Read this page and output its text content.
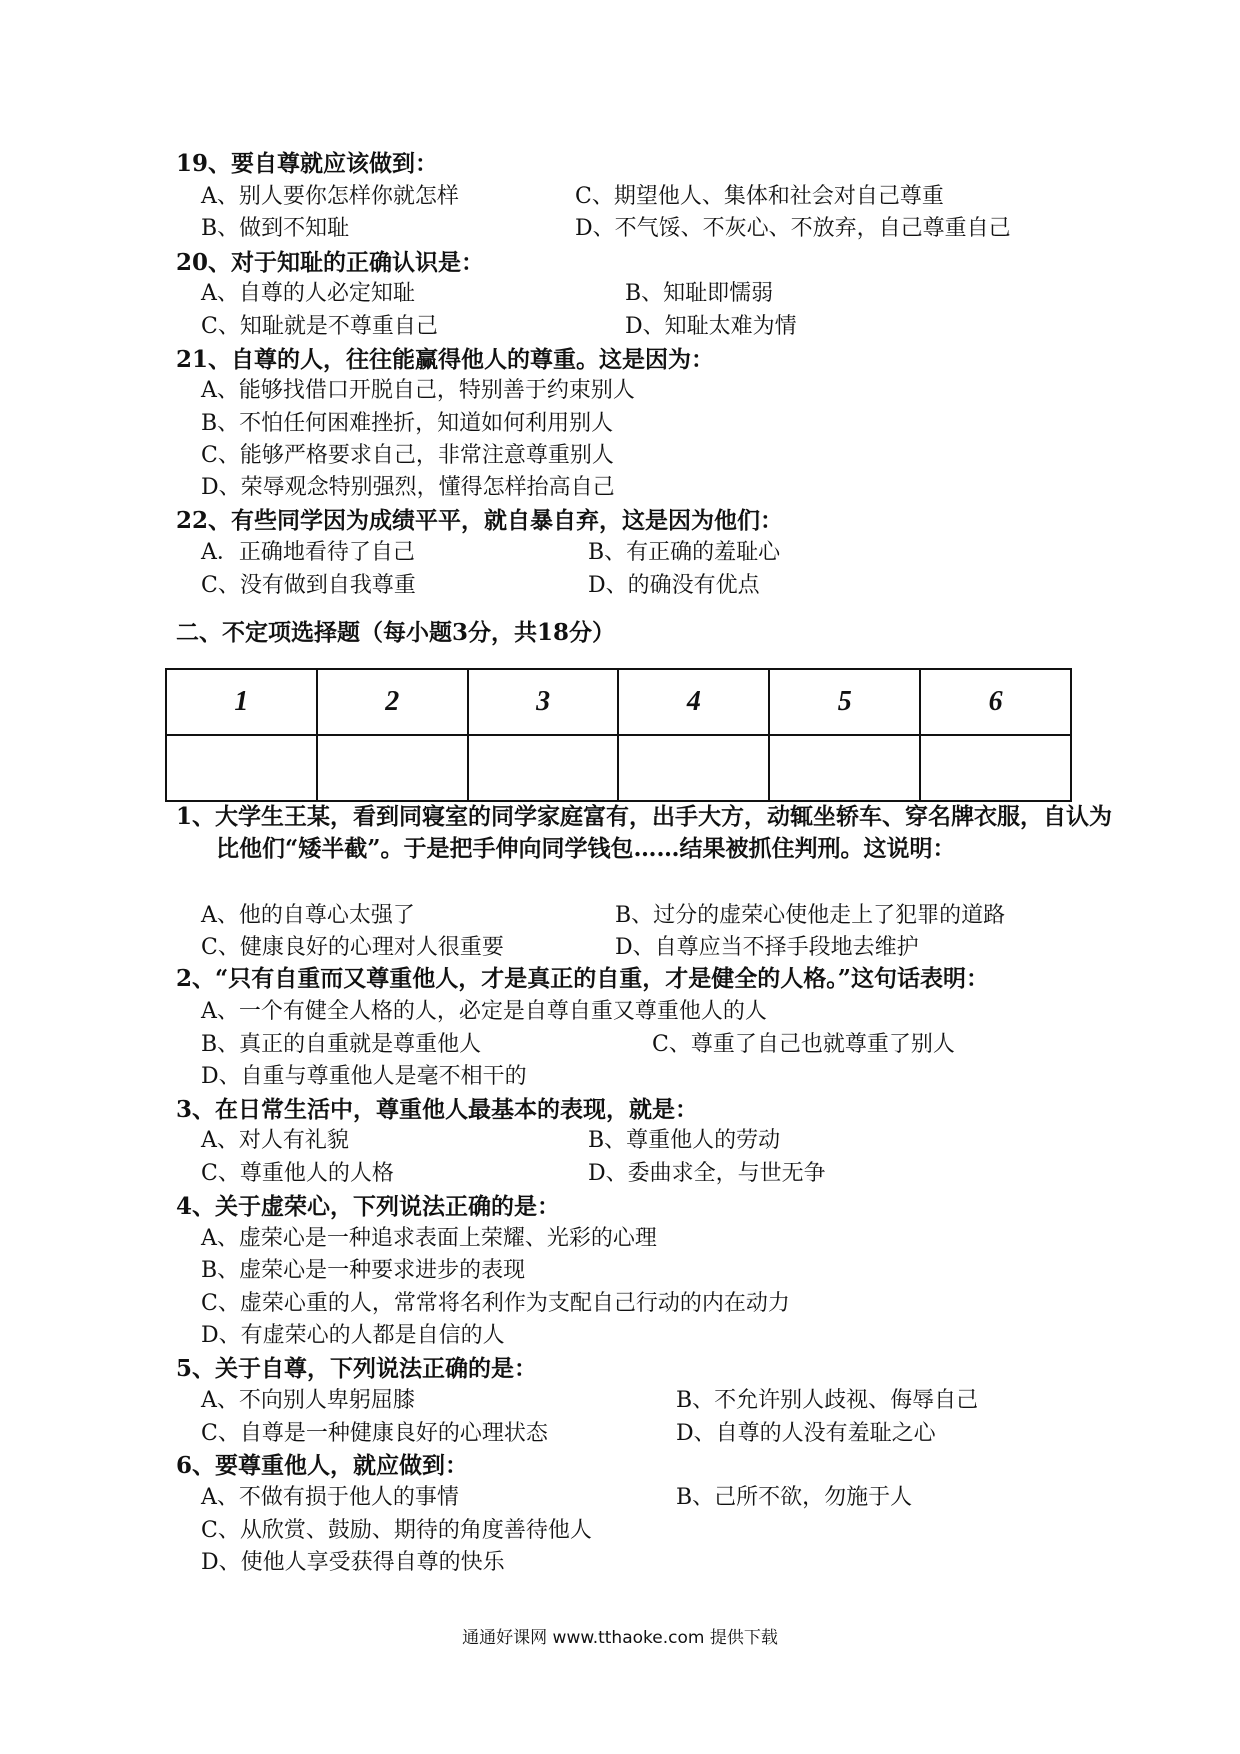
19、要自尊就应该做到：
A、别人要你怎样你就怎样	C、期望他人、集体和社会对自己尊重
B、做到不知耻	D、不气馁、不灰心、不放弃，自己尊重自己
20、对于知耻的正确认识是：
A、自尊的人必定知耻	B、知耻即懦弱
C、知耻就是不尊重自己	D、知耻太难为情
21、自尊的人，往往能赢得他人的尊重。这是因为：
A、能够找借口开脱自己，特别善于约束别人
B、不怕任何困难挫折，知道如何利用别人
C、能够严格要求自己，非常注意尊重别人
D、荣辱观念特别强烈，懂得怎样抬高自己
22、有些同学因为成绩平平，就自暴自弃，这是因为他们：
A．正确地看待了自己	B、有正确的羞耻心
C、没有做到自我尊重	D、的确没有优点
二、不定项选择题（每小题3分，共18分）
1	2	3	4	5	6

1、大学生王某，看到同寝室的同学家庭富有，出手大方，动辄坐轿车、穿名牌衣服，自认为比他们“矮半截”。于是把手伸向同学钱包……结果被抓住判刑。这说明：
A、他的自尊心太强了	B、过分的虚荣心使他走上了犯罪的道路
C、健康良好的心理对人很重要	D、自尊应当不择手段地去维护
2、“只有自重而又尊重他人，才是真正的自重，才是健全的人格。”这句话表明：
A、一个有健全人格的人，必定是自尊自重又尊重他人的人
B、真正的自重就是尊重他人	C、尊重了自己也就尊重了别人
D、自重与尊重他人是毫不相干的
3、在日常生活中，尊重他人最基本的表现，就是：
A、对人有礼貌	B、尊重他人的劳动
C、尊重他人的人格	D、委曲求全，与世无争
4、关于虚荣心，下列说法正确的是：
A、虚荣心是一种追求表面上荣耀、光彩的心理
B、虚荣心是一种要求进步的表现
C、虚荣心重的人，常常将名利作为支配自己行动的内在动力
D、有虚荣心的人都是自信的人
5、关于自尊，下列说法正确的是：
A、不向别人卑躬屈膝	B、不允许别人歧视、侮辱自己
C、自尊是一种健康良好的心理状态	D、自尊的人没有羞耻之心
6、要尊重他人，就应做到：
A、不做有损于他人的事情	B、己所不欲，勿施于人
C、从欣赏、鼓励、期待的角度善待他人
D、使他人享受获得自尊的快乐
通通好课网 www.tthaoke.com 提供下载
